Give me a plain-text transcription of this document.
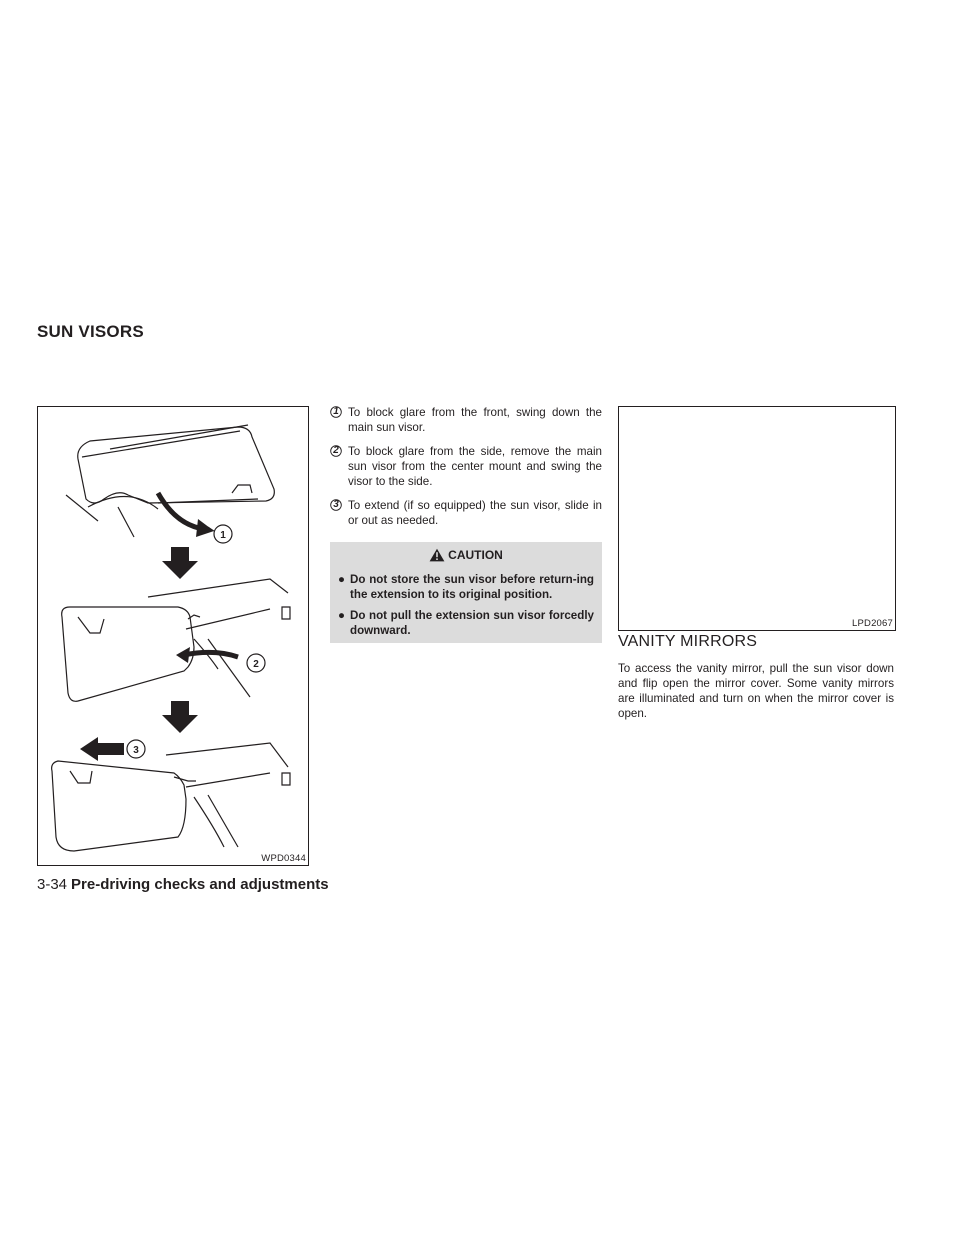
SUN VISORS
1
2
3
WPD0344
1 To block glare from the front, swing down the main sun visor.
2 To block glare from the side, remove the main sun visor from the center mount and swing the visor to the side.
3 To extend (if so equipped) the sun visor, slide in or out as needed.
CAUTION
● Do not store the sun visor before return-ing the extension to its original position.
● Do not pull the extension sun visor forcedly downward.
LPD2067
VANITY MIRRORS
To access the vanity mirror, pull the sun visor down and flip open the mirror cover. Some vanity mirrors are illuminated and turn on when the mirror cover is open.
3-34 Pre-driving checks and adjustments
